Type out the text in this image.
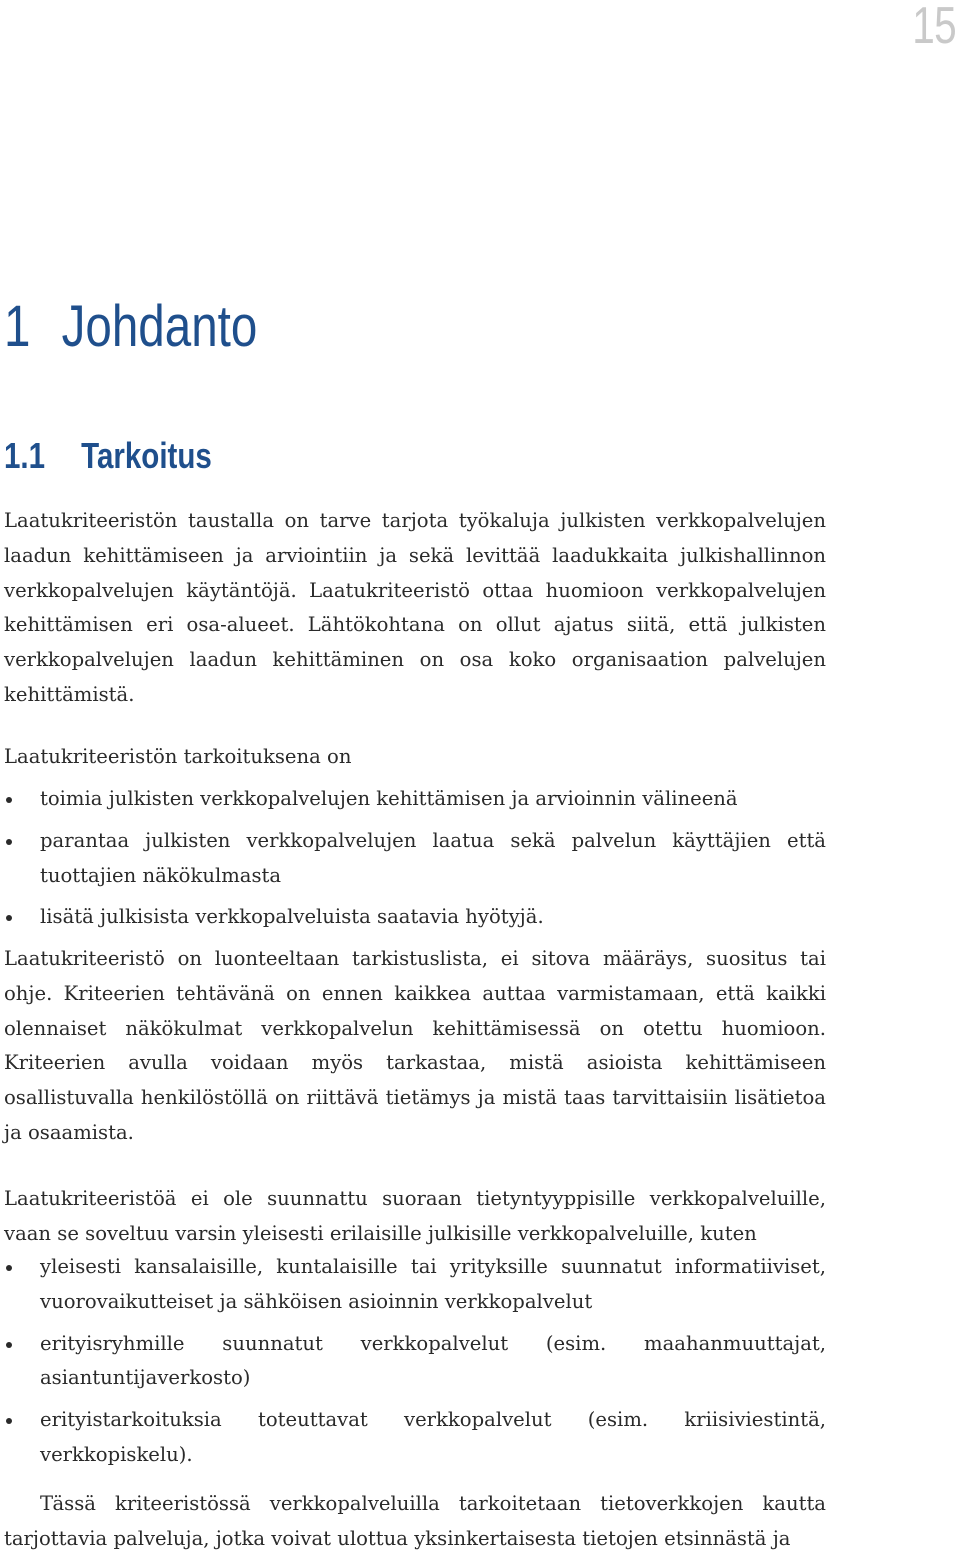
15
1 Johdanto
1.1 Tarkoitus

Laatukriteeristön taustalla on tarve tarjota työkaluja julkisten verkkopalvelujen laadun kehittämiseen ja arviointiin ja sekä levittää laadukkaita julkishallinnon verkkopalvelujen käytäntöjä. Laatukriteeristö ottaa huomioon verkkopalvelujen kehittämisen eri osa-alueet. Lähtökohtana on ollut ajatus siitä, että julkisten verkkopalvelujen laadun kehittäminen on osa koko organisaation palvelujen kehittämistä.

Laatukriteeristön tarkoituksena on

toimia julkisten verkkopalvelujen kehittämisen ja arvioinnin välineenä
parantaa julkisten verkkopalvelujen laatua sekä palvelun käyttäjien että tuottajien näkökulmasta
lisätä julkisista verkkopalveluista saatavia hyötyjä.

Laatukriteeristö on luonteeltaan tarkistuslista, ei sitova määräys, suositus tai ohje. Kriteerien tehtävänä on ennen kaikkea auttaa varmistamaan, että kaikki olennaiset näkökulmat verkkopalvelun kehittämisessä on otettu huomioon. Kriteerien avulla voidaan myös tarkastaa, mistä asioista kehittämiseen osallistuvalla henkilöstöllä on riittävä tietämys ja mistä taas tarvittaisiin lisätietoa ja osaamista.

Laatukriteeristöä ei ole suunnattu suoraan tietyntyyppisille verkkopalveluille, vaan se soveltuu varsin yleisesti erilaisille julkisille verkkopalveluille, kuten

yleisesti kansalaisille, kuntalaisille tai yrityksille suunnatut informatiiviset, vuorovaikutteiset ja sähköisen asioinnin verkkopalvelut
erityisryhmille suunnatut verkkopalvelut (esim. maahanmuuttajat, asiantuntijaverkosto)
erityistarkoituksia toteuttavat verkkopalvelut (esim. kriisiviestintä, verkkopiskelu).

Tässä kriteeristössä verkkopalveluilla tarkoitetaan tietoverkkojen kautta tarjottavia palveluja, jotka voivat ulottua yksinkertaisesta tietojen etsinnästä ja
